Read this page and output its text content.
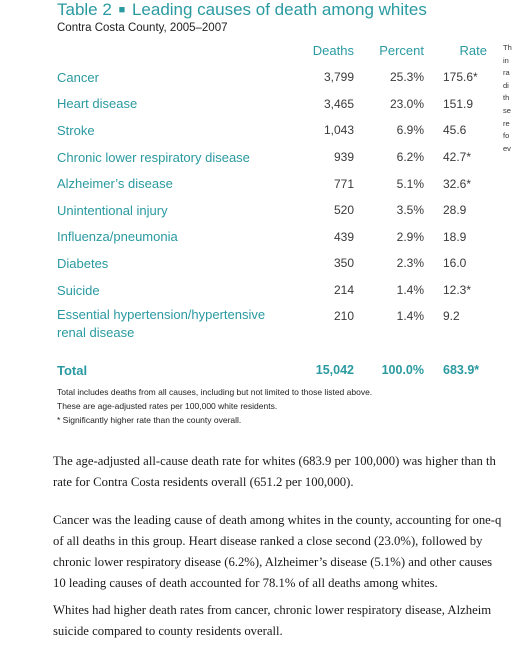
Table 2 ■ Leading causes of death among whites
Contra Costa County, 2005–2007
Th
in
ra
di
th
se
re
fo
ev
	Deaths	Percent	Rate
Cancer	3,799	25.3%	175.6*
Heart disease	3,465	23.0%	151.9
Stroke	1,043	6.9%	45.6
Chronic lower respiratory disease	939	6.2%	42.7*
Alzheimer’s disease	771	5.1%	32.6*
Unintentional injury	520	3.5%	28.9
Influenza/pneumonia	439	2.9%	18.9
Diabetes	350	2.3%	16.0
Suicide	214	1.4%	12.3*

Essential hypertension/hypertensive
renal disease	210	1.4%	9.2
Total	15,042	100.0%	683.9*
Total includes deaths from all causes, including but not limited to those listed above.
These are age-adjusted rates per 100,000 white residents.
* Significantly higher rate than the county overall.
The age-adjusted all-cause death rate for whites (683.9 per 100,000) was higher than th
rate for Contra Costa residents overall (651.2 per 100,000).
Cancer was the leading cause of death among whites in the county, accounting for one-q
of all deaths in this group. Heart disease ranked a close second (23.0%), followed by
chronic lower respiratory disease (6.2%), Alzheimer’s disease (5.1%) and other causes
10 leading causes of death accounted for 78.1% of all deaths among whites.
Whites had higher death rates from cancer, chronic lower respiratory disease, Alzheim
suicide compared to county residents overall.
